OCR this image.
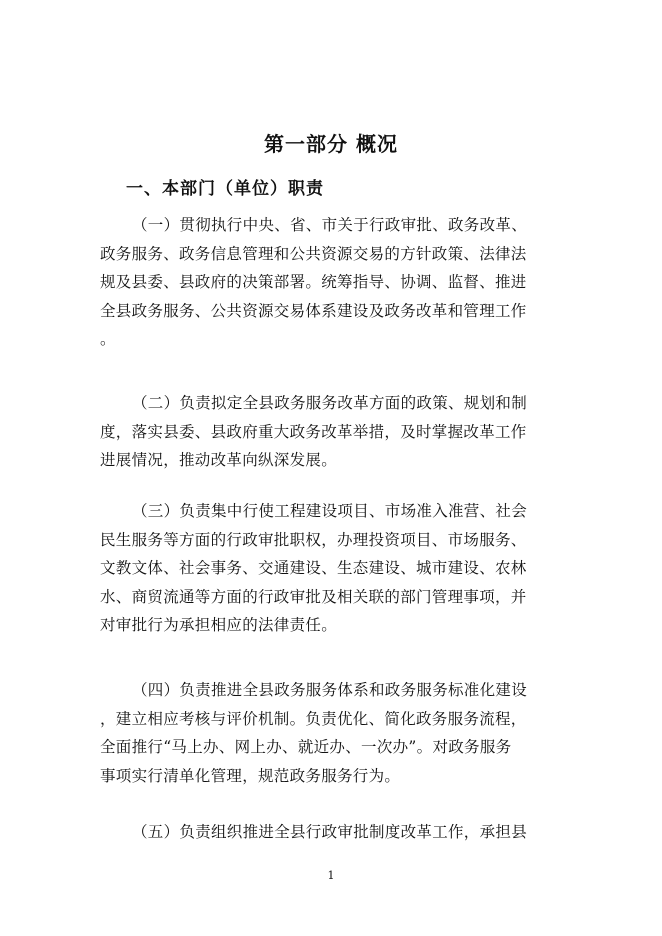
第一部分 概况
一、本部门（单位）职责

（一）贯彻执行中央、省、市关于行政审批、政务改革、
政务服务、政务信息管理和公共资源交易的方针政策、法律法
规及县委、县政府的决策部署。统筹指导、协调、监督、推进
全县政务服务、公共资源交易体系建设及政务改革和管理工作
。

（二）负责拟定全县政务服务改革方面的政策、规划和制
度，落实县委、县政府重大政务改革举措，及时掌握改革工作
进展情况，推动改革向纵深发展。

（三）负责集中行使工程建设项目、市场准入准营、社会
民生服务等方面的行政审批职权，办理投资项目、市场服务、
文教文体、社会事务、交通建设、生态建设、城市建设、农林
水、商贸流通等方面的行政审批及相关联的部门管理事项，并
对审批行为承担相应的法律责任。

（四）负责推进全县政务服务体系和政务服务标准化建设
，建立相应考核与评价机制。负责优化、简化政务服务流程，
全面推行“马上办、网上办、就近办、一次办”。对政务服务
事项实行清单化管理，规范政务服务行为。

（五）负责组织推进全县行政审批制度改革工作，承担县

1
